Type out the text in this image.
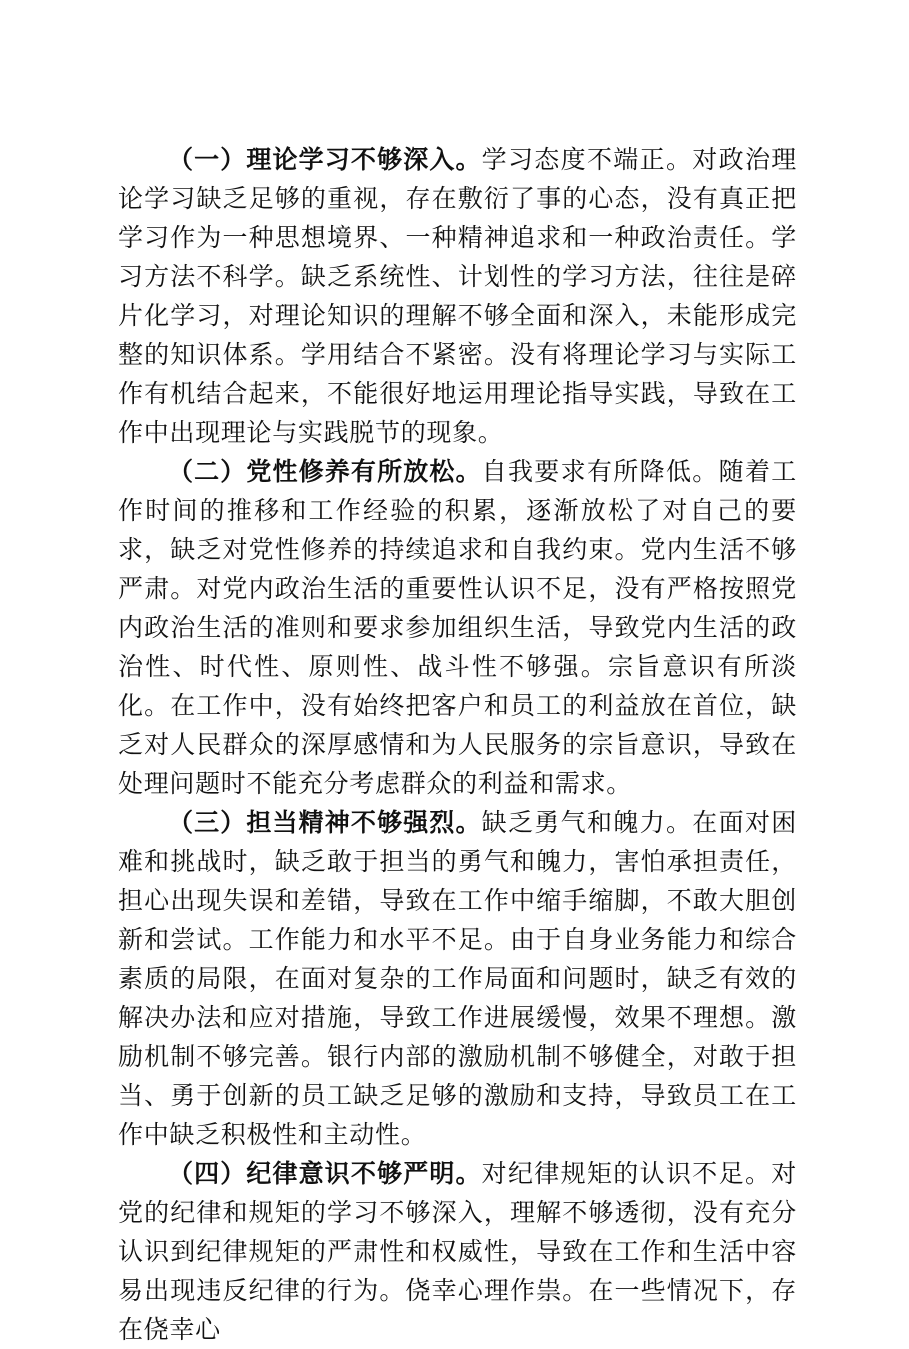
（一）理论学习不够深入。学习态度不端正。对政治理论学习缺乏足够的重视，存在敷衍了事的心态，没有真正把学习作为一种思想境界、一种精神追求和一种政治责任。学习方法不科学。缺乏系统性、计划性的学习方法，往往是碎片化学习，对理论知识的理解不够全面和深入，未能形成完整的知识体系。学用结合不紧密。没有将理论学习与实际工作有机结合起来，不能很好地运用理论指导实践，导致在工作中出现理论与实践脱节的现象。

（二）党性修养有所放松。自我要求有所降低。随着工作时间的推移和工作经验的积累，逐渐放松了对自己的要求，缺乏对党性修养的持续追求和自我约束。党内生活不够严肃。对党内政治生活的重要性认识不足，没有严格按照党内政治生活的准则和要求参加组织生活，导致党内生活的政治性、时代性、原则性、战斗性不够强。宗旨意识有所淡化。在工作中，没有始终把客户和员工的利益放在首位，缺乏对人民群众的深厚感情和为人民服务的宗旨意识，导致在处理问题时不能充分考虑群众的利益和需求。

（三）担当精神不够强烈。缺乏勇气和魄力。在面对困难和挑战时，缺乏敢于担当的勇气和魄力，害怕承担责任，担心出现失误和差错，导致在工作中缩手缩脚，不敢大胆创新和尝试。工作能力和水平不足。由于自身业务能力和综合素质的局限，在面对复杂的工作局面和问题时，缺乏有效的解决办法和应对措施，导致工作进展缓慢，效果不理想。激励机制不够完善。银行内部的激励机制不够健全，对敢于担当、勇于创新的员工缺乏足够的激励和支持，导致员工在工作中缺乏积极性和主动性。

（四）纪律意识不够严明。对纪律规矩的认识不足。对党的纪律和规矩的学习不够深入，理解不够透彻，没有充分认识到纪律规矩的严肃性和权威性，导致在工作和生活中容易出现违反纪律的行为。侥幸心理作祟。在一些情况下，存在侥幸心
